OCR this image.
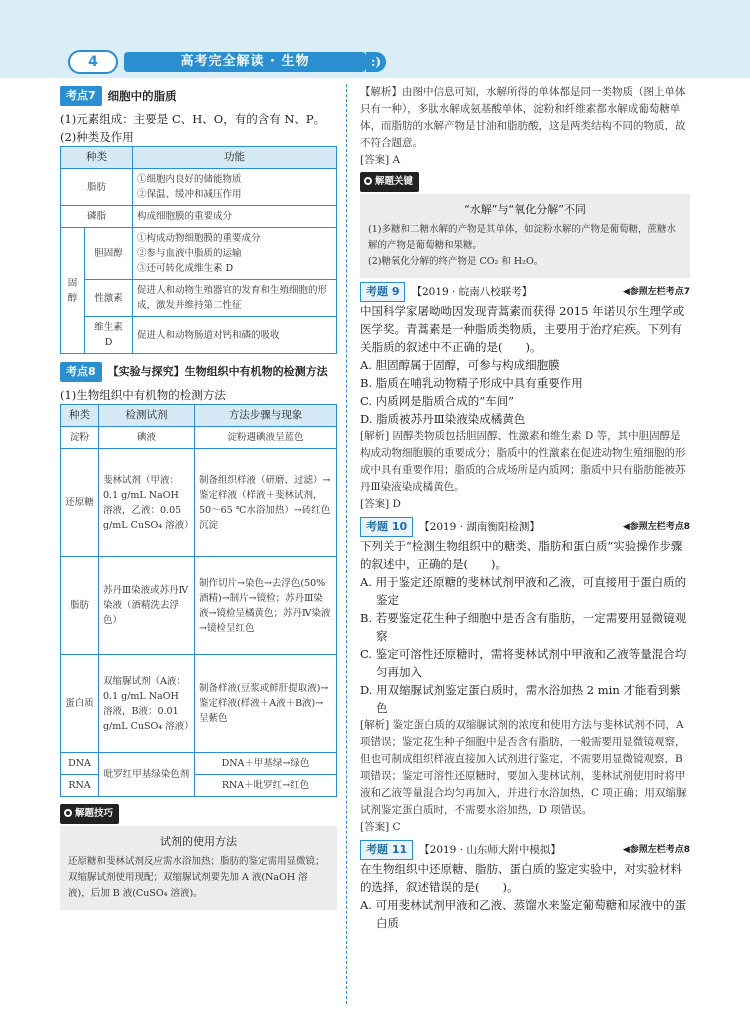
4	高考完全解读 · 生物	:)
考点7	细胞中的脂质

(1)元素组成：主要是 C、H、O，有的含有 N、P。

(2)种类及作用

种类		功能
脂肪		①细胞内良好的储能物质
②保温、缓冲和减压作用

磷脂		构成细胞膜的重要成分
固醇	胆固醇	①构成动物细胞膜的重要成分
②参与血液中脂质的运输
③还可转化成维生素 D

	性激素	促进人和动物生殖器官的发育和生殖细胞的形成，激发并维持第二性征
	维生素 D	促进人和动物肠道对钙和磷的吸收
考点8	【实验与探究】生物组织中有机物的检测方法

(1)生物组织中有机物的检测方法

种类	检测试剂	方法步骤与现象
淀粉	碘液	淀粉遇碘液呈蓝色
还原糖	斐林试剂（甲液：0.1 g/mL NaOH 溶液，乙液：0.05 g/mL CuSO₄ 溶液）	制备组织样液（研磨、过滤）→鉴定样液（样液＋斐林试剂，50～65 ℃水浴加热）→砖红色沉淀
脂肪	苏丹Ⅲ染液或苏丹Ⅳ染液（酒精洗去浮色）	制作切片→染色→去浮色(50%酒精)→制片→镜检；苏丹Ⅲ染液→镜检呈橘黄色；苏丹Ⅳ染液→镜检呈红色
蛋白质	双缩脲试剂（A液：0.1 g/mL NaOH 溶液，B液：0.01 g/mL CuSO₄ 溶液）	制备样液(豆浆或鲜肝提取液)→鉴定样液(样液＋A液＋B液)→呈紫色
DNA	吡罗红甲基绿染色剂	DNA＋甲基绿→绿色
RNA		RNA＋吡罗红→红色
解题技巧
试剂的使用方法
还原糖和斐林试剂反应需水浴加热；脂肪的鉴定需用显微镜；双缩脲试剂使用现配；双缩脲试剂要先加 A 液(NaOH 溶液)，后加 B 液(CuSO₄ 溶液)。

【解析】由图中信息可知，水解所得的单体都是同一类物质（图上单体只有一种），多肽水解成氨基酸单体，淀粉和纤维素都水解成葡萄糖单体，而脂肪的水解产物是甘油和脂肪酸，这是两类结构不同的物质，故不符合题意。

[答案] A

解题关键
“水解”与“氧化分解”不同
(1)多糖和二糖水解的产物是其单体，如淀粉水解的产物是葡萄糖，蔗糖水解的产物是葡萄糖和果糖。
(2)糖氧化分解的终产物是 CO₂ 和 H₂O。
考题 9	【2019 · 皖南八校联考】	◀参照左栏考点7

中国科学家屠呦呦因发现青蒿素而获得 2015 年诺贝尔生理学或医学奖。青蒿素是一种脂质类物质，主要用于治疗疟疾。下列有关脂质的叙述中不正确的是(　　)。

A. 胆固醇属于固醇，可参与构成细胞膜

B. 脂质在哺乳动物精子形成中具有重要作用

C. 内质网是脂质合成的“车间”

D. 脂质被苏丹Ⅲ染液染成橘黄色

[解析] 固醇类物质包括胆固醇、性激素和维生素 D 等，其中胆固醇是构成动物细胞膜的重要成分；脂质中的性激素在促进动物生殖细胞的形成中具有重要作用；脂质的合成场所是内质网；脂质中只有脂肪能被苏丹Ⅲ染液染成橘黄色。

[答案] D

考题 10	【2019 · 湖南衡阳检测】	◀参照左栏考点8

下列关于“检测生物组织中的糖类、脂肪和蛋白质”实验操作步骤的叙述中，正确的是(　　)。

A. 用于鉴定还原糖的斐林试剂甲液和乙液，可直接用于蛋白质的鉴定

B. 若要鉴定花生种子细胞中是否含有脂肪，一定需要用显微镜观察

C. 鉴定可溶性还原糖时，需将斐林试剂中甲液和乙液等量混合均匀再加入

D. 用双缩脲试剂鉴定蛋白质时，需水浴加热 2 min 才能看到紫色

[解析] 鉴定蛋白质的双缩脲试剂的浓度和使用方法与斐林试剂不同，A 项错误；鉴定花生种子细胞中是否含有脂肪，一般需要用显微镜观察，但也可制成组织样液直接加入试剂进行鉴定，不需要用显微镜观察，B 项错误；鉴定可溶性还原糖时，要加入斐林试剂，斐林试剂使用时将甲液和乙液等量混合均匀再加入，并进行水浴加热，C 项正确；用双缩脲试剂鉴定蛋白质时，不需要水浴加热，D 项错误。

[答案] C

考题 11	【2019 · 山东师大附中模拟】	◀参照左栏考点8

在生物组织中还原糖、脂肪、蛋白质的鉴定实验中，对实验材料的选择，叙述错误的是(　　)。

A. 可用斐林试剂甲液和乙液、蒸馏水来鉴定葡萄糖和尿液中的蛋白质
